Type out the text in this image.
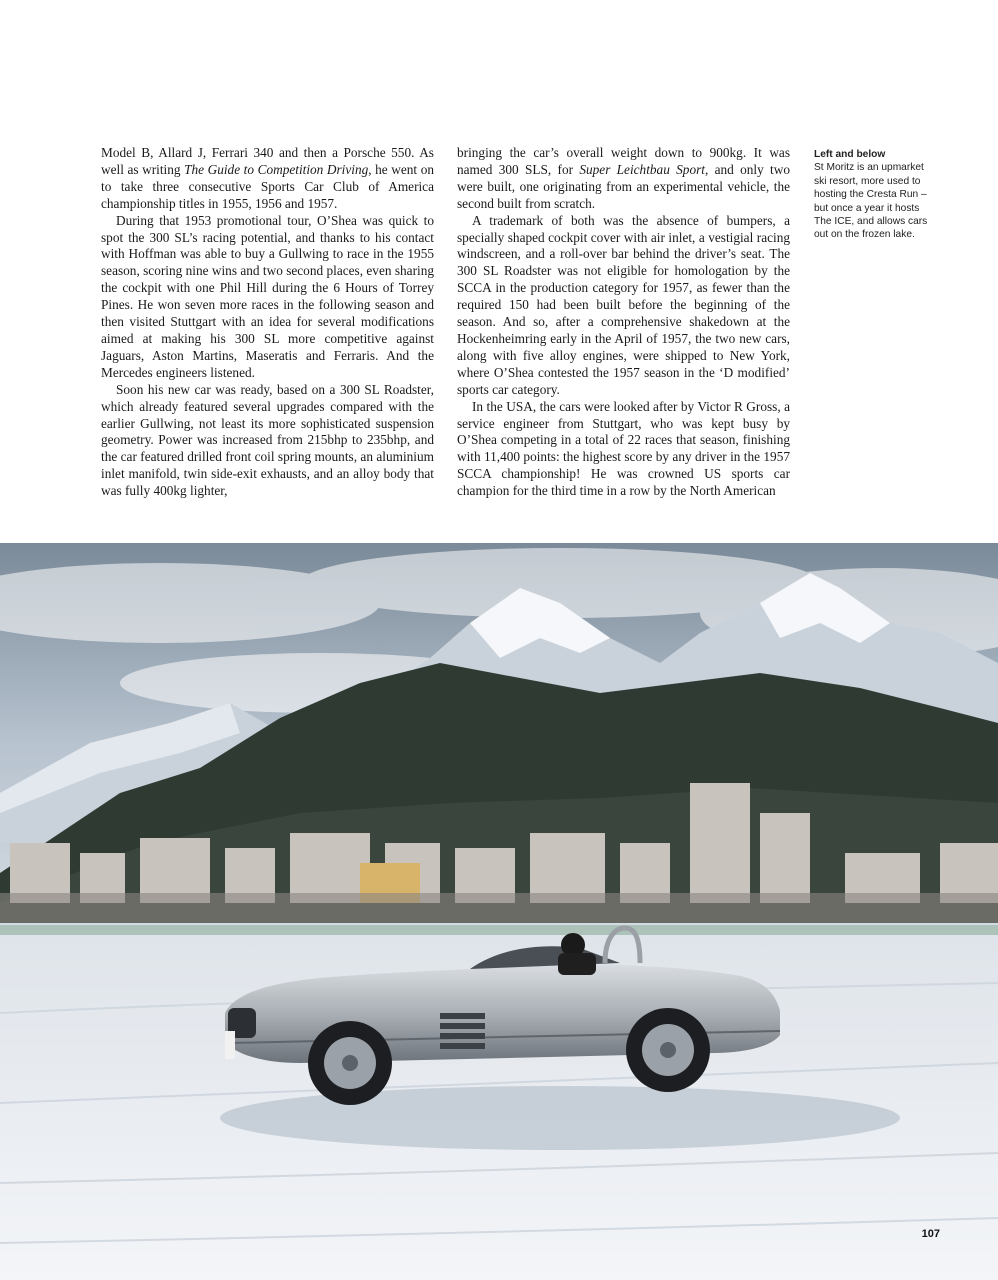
Model B, Allard J, Ferrari 340 and then a Porsche 550. As well as writing The Guide to Competition Driving, he went on to take three consecutive Sports Car Club of America championship titles in 1955, 1956 and 1957.

During that 1953 promotional tour, O’Shea was quick to spot the 300 SL’s racing potential, and thanks to his contact with Hoffman was able to buy a Gullwing to race in the 1955 season, scoring nine wins and two second places, even sharing the cockpit with one Phil Hill during the 6 Hours of Torrey Pines. He won seven more races in the following season and then visited Stuttgart with an idea for several modifications aimed at making his 300 SL more competitive against Jaguars, Aston Martins, Maseratis and Ferraris. And the Mercedes engineers listened.

Soon his new car was ready, based on a 300 SL Roadster, which already featured several upgrades compared with the earlier Gullwing, not least its more sophisticated suspension geometry. Power was increased from 215bhp to 235bhp, and the car featured drilled front coil spring mounts, an aluminium inlet manifold, twin side-exit exhausts, and an alloy body that was fully 400kg lighter,

bringing the car’s overall weight down to 900kg. It was named 300 SLS, for Super Leichtbau Sport, and only two were built, one originating from an experimental vehicle, the second built from scratch.

A trademark of both was the absence of bumpers, a specially shaped cockpit cover with air inlet, a vestigial racing windscreen, and a roll-over bar behind the driver’s seat. The 300 SL Roadster was not eligible for homologation by the SCCA in the production category for 1957, as fewer than the required 150 had been built before the beginning of the season. And so, after a comprehensive shakedown at the Hockenheimring early in the April of 1957, the two new cars, along with five alloy engines, were shipped to New York, where O’Shea contested the 1957 season in the ‘D modified’ sports car category.

In the USA, the cars were looked after by Victor R Gross, a service engineer from Stuttgart, who was kept busy by O’Shea competing in a total of 22 races that season, finishing with 11,400 points: the highest score by any driver in the 1957 SCCA championship! He was crowned US sports car champion for the third time in a row by the North American

Left and below
St Moritz is an upmarket ski resort, more used to hosting the Cresta Run – but once a year it hosts The ICE, and allows cars out on the frozen lake.
107
